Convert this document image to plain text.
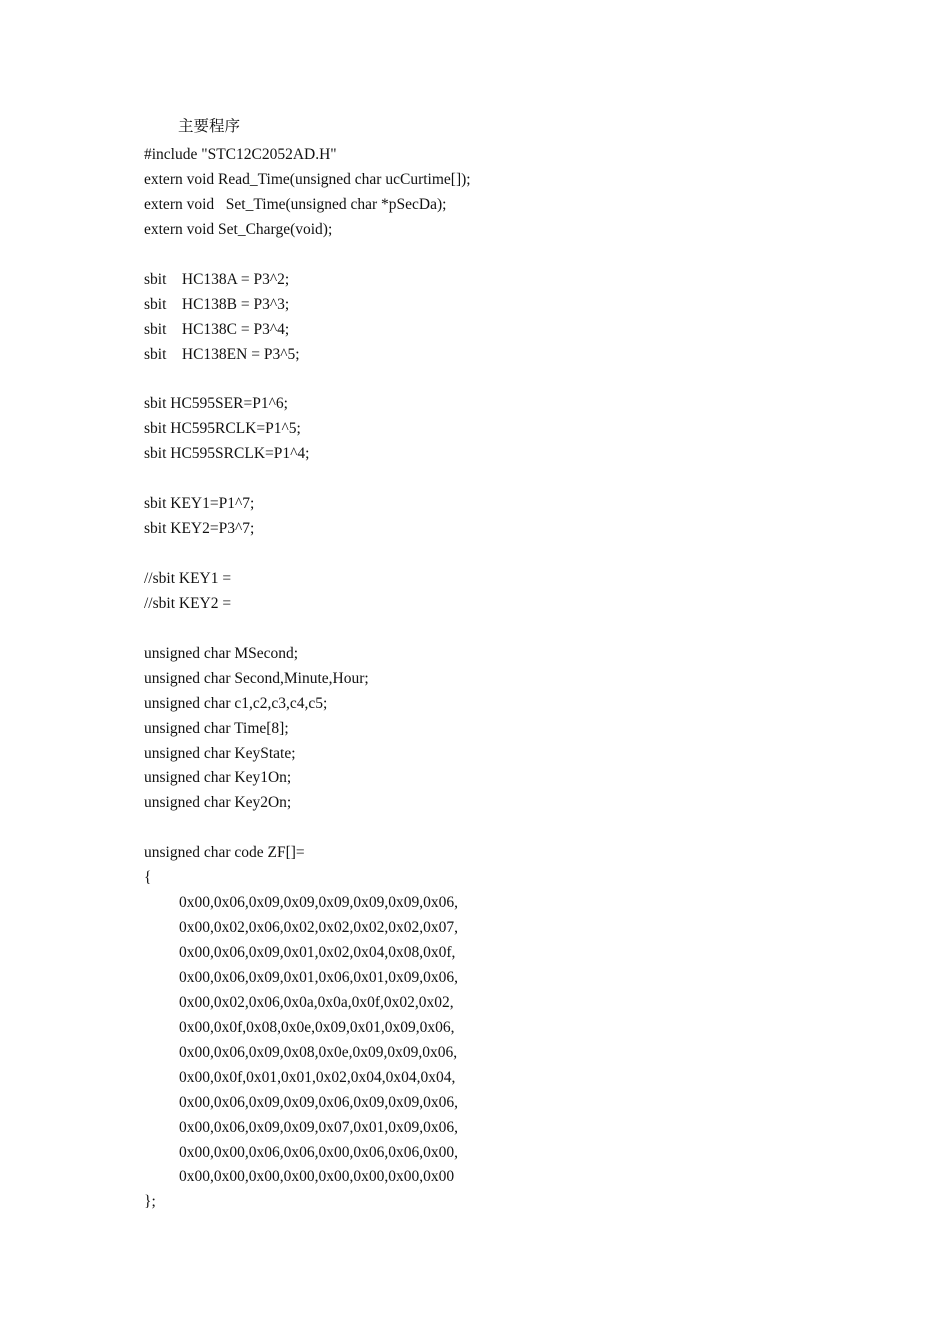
主要程序
#include "STC12C2052AD.H"
extern void Read_Time(unsigned char ucCurtime[]);
extern void   Set_Time(unsigned char *pSecDa);
extern void Set_Charge(void);
sbit    HC138A = P3^2;
sbit    HC138B = P3^3;
sbit    HC138C = P3^4;
sbit    HC138EN = P3^5;
sbit HC595SER=P1^6;
sbit HC595RCLK=P1^5;
sbit HC595SRCLK=P1^4;
sbit KEY1=P1^7;
sbit KEY2=P3^7;
//sbit KEY1 =
//sbit KEY2 =
unsigned char MSecond;
unsigned char Second,Minute,Hour;
unsigned char c1,c2,c3,c4,c5;
unsigned char Time[8];
unsigned char KeyState;
unsigned char Key1On;
unsigned char Key2On;
unsigned char code ZF[]=
{
0x00,0x06,0x09,0x09,0x09,0x09,0x09,0x06,
0x00,0x02,0x06,0x02,0x02,0x02,0x02,0x07,
0x00,0x06,0x09,0x01,0x02,0x04,0x08,0x0f,
0x00,0x06,0x09,0x01,0x06,0x01,0x09,0x06,
0x00,0x02,0x06,0x0a,0x0a,0x0f,0x02,0x02,
0x00,0x0f,0x08,0x0e,0x09,0x01,0x09,0x06,
0x00,0x06,0x09,0x08,0x0e,0x09,0x09,0x06,
0x00,0x0f,0x01,0x01,0x02,0x04,0x04,0x04,
0x00,0x06,0x09,0x09,0x06,0x09,0x09,0x06,
0x00,0x06,0x09,0x09,0x07,0x01,0x09,0x06,
0x00,0x00,0x06,0x06,0x00,0x06,0x06,0x00,
0x00,0x00,0x00,0x00,0x00,0x00,0x00,0x00
};
